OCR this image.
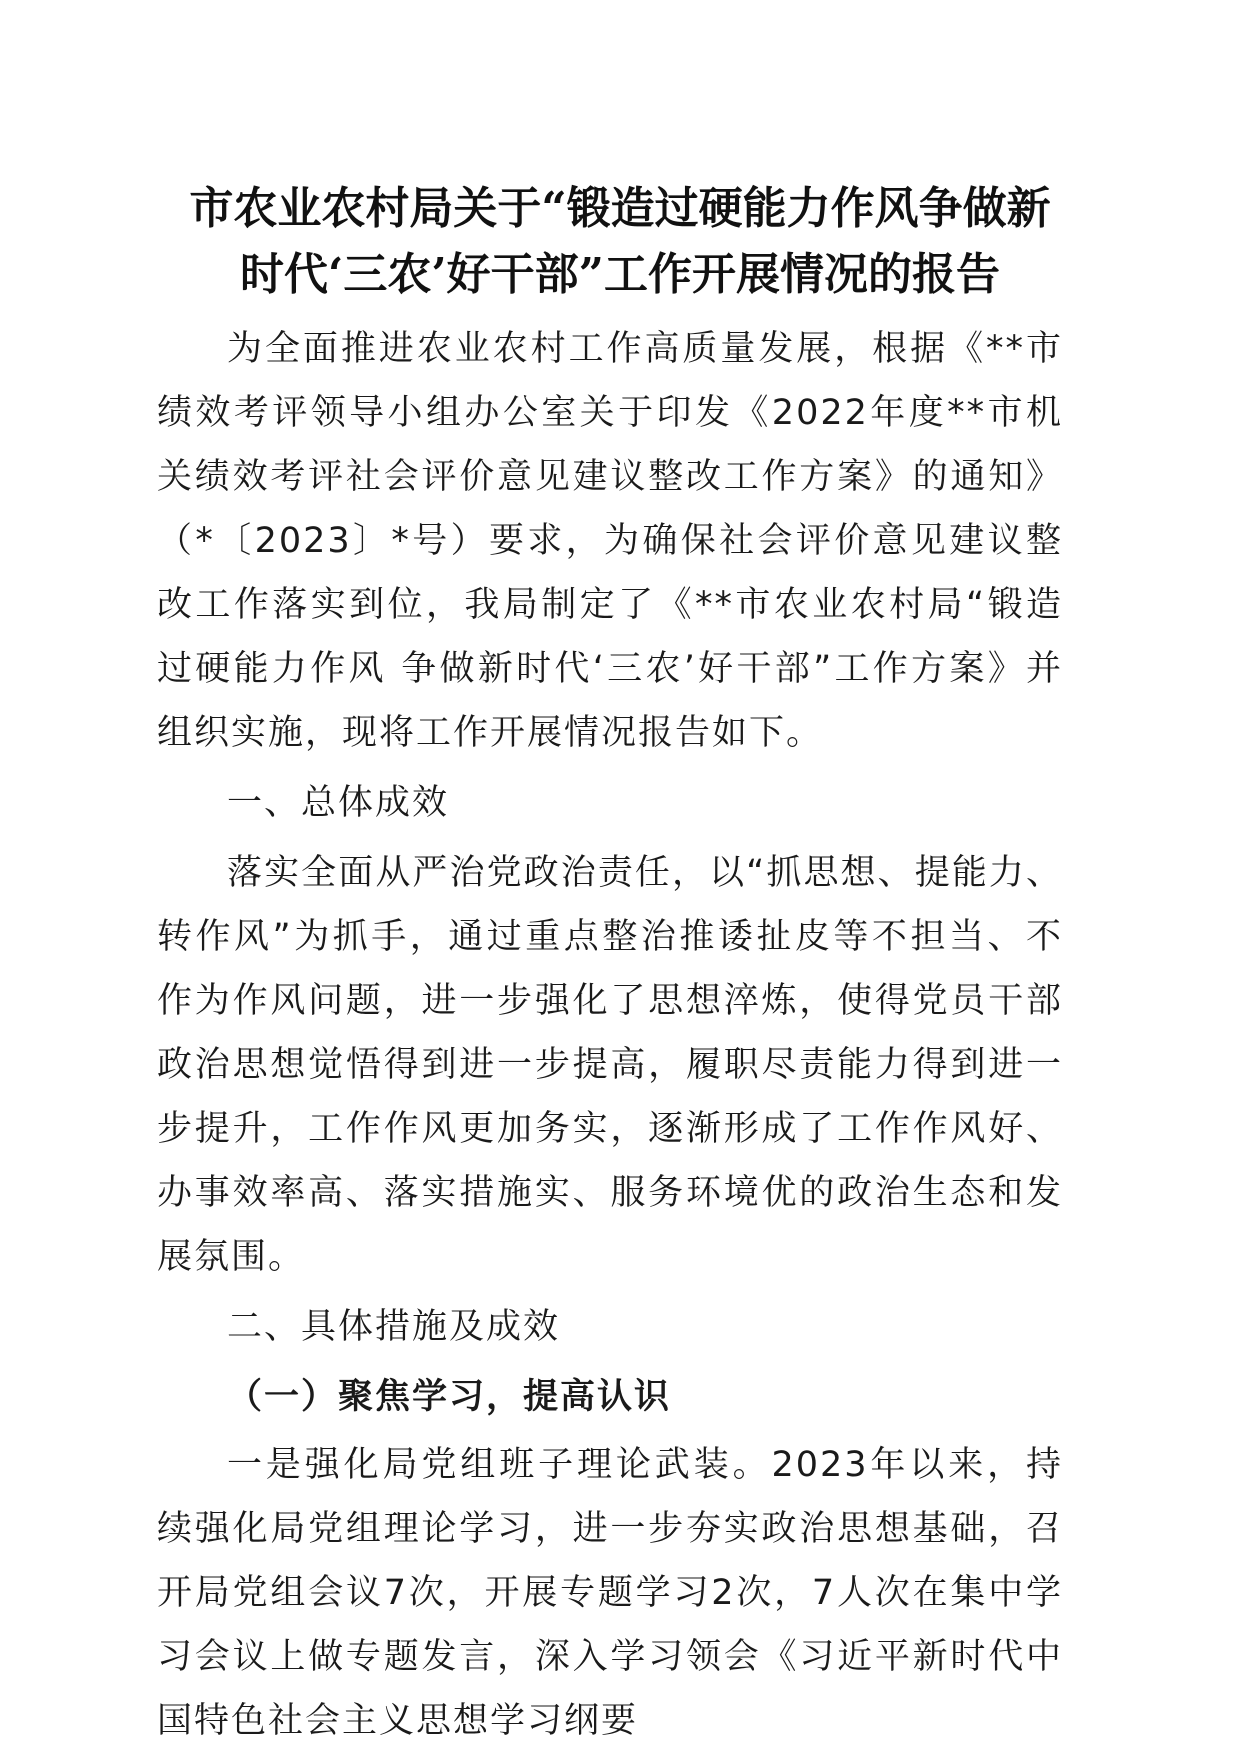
市农业农村局关于“锻造过硬能力作风争做新
时代‘三农’好干部”工作开展情况的报告

为全面推进农业农村工作高质量发展，根据《**市绩效考评领导小组办公室关于印发《2022年度**市机关绩效考评社会评价意见建议整改工作方案》的通知》（*〔2023〕*号）要求，为确保社会评价意见建议整改工作落实到位，我局制定了《**市农业农村局“锻造过硬能力作风 争做新时代‘三农’好干部”工作方案》并组织实施，现将工作开展情况报告如下。

一、总体成效

落实全面从严治党政治责任，以“抓思想、提能力、转作风”为抓手，通过重点整治推诿扯皮等不担当、不作为作风问题，进一步强化了思想淬炼，使得党员干部政治思想觉悟得到进一步提高，履职尽责能力得到进一步提升，工作作风更加务实，逐渐形成了工作作风好、办事效率高、落实措施实、服务环境优的政治生态和发展氛围。

二、具体措施及成效

（一）聚焦学习，提高认识

一是强化局党组班子理论武装。2023年以来，持续强化局党组理论学习，进一步夯实政治思想基础，召开局党组会议7次，开展专题学习2次，7人次在集中学习会议上做专题发言，深入学习领会《习近平新时代中国特色社会主义思想学习纲要
